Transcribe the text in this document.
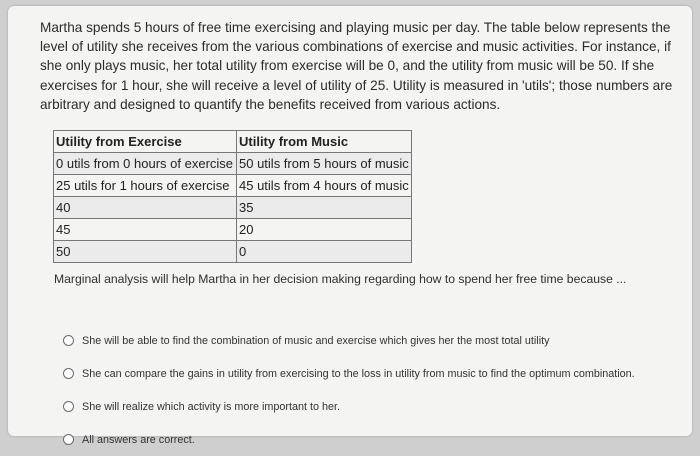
Martha spends 5 hours of free time exercising and playing music per day. The table below represents the level of utility she receives from the various combinations of exercise and music activities. For instance, if she only plays music, her total utility from exercise will be 0, and the utility from music will be 50. If she exercises for 1 hour, she will receive a level of utility of 25. Utility is measured in 'utils'; those numbers are arbitrary and designed to quantify the benefits received from various actions.
Utility from Exercise	Utility from Music
0 utils from 0 hours of exercise	50 utils from 5 hours of music
25 utils for 1 hours of exercise	45 utils from 4 hours of music
40	35
45	20
50	0
Marginal analysis will help Martha in her decision making regarding how to spend her free time because ...
She will be able to find the combination of music and exercise which gives her the most total utility
She can compare the gains in utility from exercising to the loss in utility from music to find the optimum combination.
She will realize which activity is more important to her.
All answers are correct.
